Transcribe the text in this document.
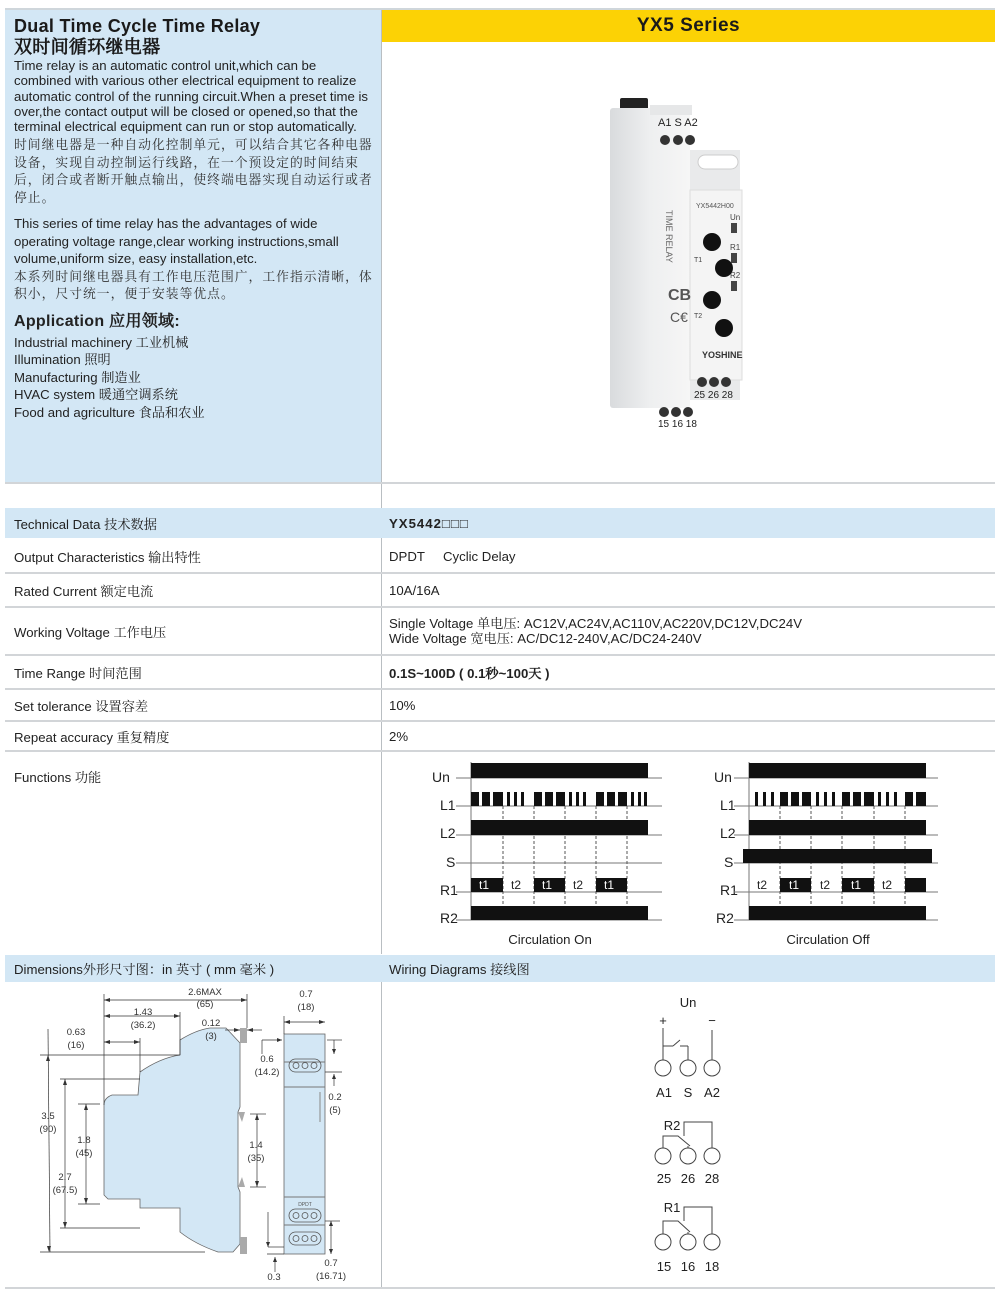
Dual Time Cycle Time Relay
双时间循环继电器

Time relay is an automatic control unit,which can be combined with various other electrical equipment to realize automatic control of the running circuit.When a preset time is over,the contact output will be closed or opened,so that the terminal electrical equipment can run or stop automatically.

时间继电器是一种自动化控制单元，可以结合其它各种电器设备，实现自动控制运行线路，在一个预设定的时间结束后，闭合或者断开触点输出，使终端电器实现自动运行或者停止。

This series of time relay has the advantages of wide operating voltage range,clear working instructions,small volume,uniform size, easy installation,etc.

本系列时间继电器具有工作电压范围广，工作指示清晰，体积小，尺寸统一，便于安装等优点。

Application 应用领域:
Industrial machinery 工业机械
Illumination 照明
Manufacturing 制造业
HVAC system 暖通空调系统
Food and agriculture 食品和农业
YX5 Series
A1 S A2
YX5442H00
Un
R1
R2
T1
T2
YOSHINE
TIME RELAY
CB
C€
25 26 28
15 16 18
Technical Data 技术数据	YX5442□□□
Output Characteristics 输出特性	DPDT     Cyclic Delay
Rated Current 额定电流	10A/16A
Working Voltage 工作电压
Single Voltage 单电压: AC12V,AC24V,AC110V,AC220V,DC12V,DC24V
Wide Voltage 宽电压: AC/DC12-240V,AC/DC24-240V
Time Range 时间范围	0.1S~100D ( 0.1秒~100天 )
Set tolerance 设置容差	10%
Repeat accuracy 重复精度	2%
Functions 功能	Un
L1
L2
S
R1
R2
t1 t2 t1 t2 t1
Circulation On
Un
L1
L2
S
R1
R2
t2 t1 t2 t1 t2
Circulation Off
Dimensions外形尺寸图：in 英寸 ( mm 毫米 )	Wiring Diagrams 接线图
2.6MAX
(65)
1.43
(36.2)
0.63
(16)
0.12
(3)
3.5
(90)
1.8
(45)
2.7
(67.5)
1.4
(35)
DPDT
0.7
(18)
0.6
(14.2)
0.2
(5)
0.3
0.7
(16.71)
Un
+	−
A1 S A2
R2
25 26 28
R1
15 16 18
